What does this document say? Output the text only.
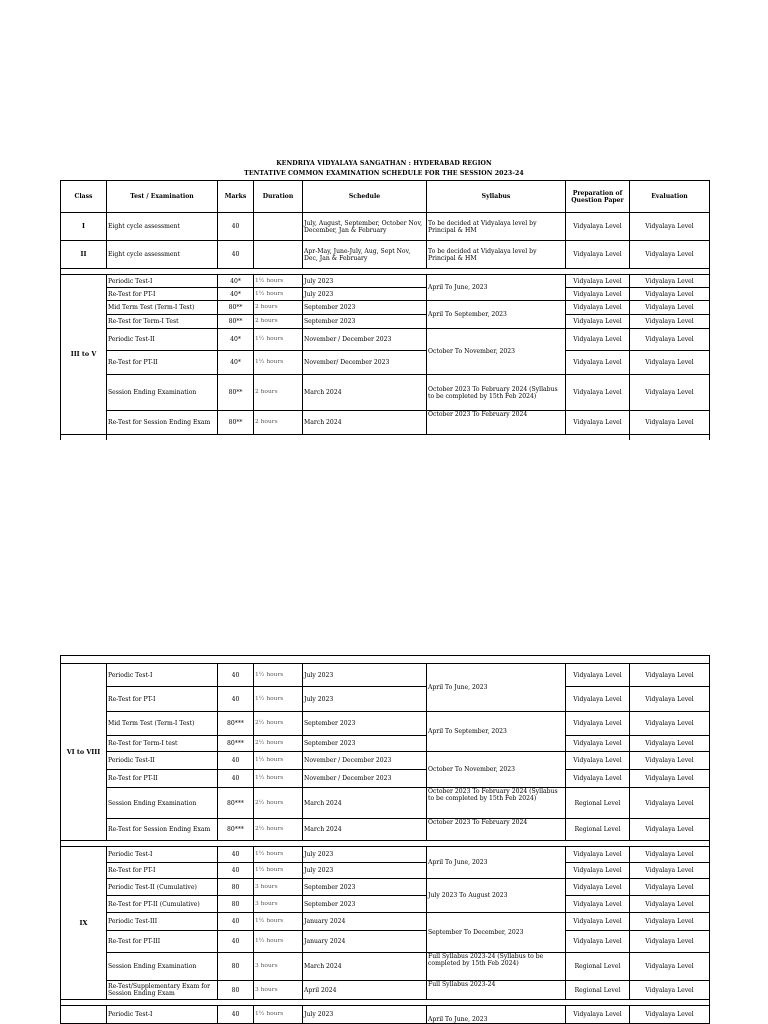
KENDRIYA VIDYALAYA SANGATHAN : HYDERABAD REGION
TENTATIVE COMMON EXAMINATION SCHEDULE FOR THE SESSION 2023-24
Class	Test / Examination	Marks	Duration	Schedule	Syllabus	Preparation of Question Paper	Evaluation
I	Eight cycle assessment	40		July, August, September, October Nov, December, Jan & February	To be decided at Vidyalaya level by Principal & HM	Vidyalaya Level	Vidyalaya Level
II	Eight cycle assessment	40		Apr-May, June-July, Aug, Sept Nov, Dec, Jan & February	To be decided at Vidyalaya level by Principal & HM	Vidyalaya Level	Vidyalaya Level

III to V	Periodic Test-I	40*	1½ hours	July 2023	April To June, 2023	Vidyalaya Level	Vidyalaya Level
	Re-Test for PT-I	40*	1½ hours	July 2023		Vidyalaya Level	Vidyalaya Level
	Mid Term Test (Term-I Test)	80**	2 hours	September 2023	April To September, 2023	Vidyalaya Level	Vidyalaya Level
	Re-Test for Term-I Test	80**	2 hours	September 2023		Vidyalaya Level	Vidyalaya Level
	Periodic Test-II	40*	1½ hours	November / December 2023	October To November, 2023	Vidyalaya Level	Vidyalaya Level
	Re-Test for PT-II	40*	1½ hours	November/ December 2023		Vidyalaya Level	Vidyalaya Level
	Session Ending Examination	80**	2 hours	March 2024	October 2023 To February 2024 (Syllabus to be completed by 15th Feb 2024)	Vidyalaya Level	Vidyalaya Level
	Re-Test for Session Ending Exam	80**	2 hours	March 2024	October 2023 To February 2024	Vidyalaya Level	Vidyalaya Level

VI to VIII	Periodic Test-I	40	1½ hours	July 2023	April To June, 2023	Vidyalaya Level	Vidyalaya Level
	Re-Test for PT-I	40	1½ hours	July 2023		Vidyalaya Level	Vidyalaya Level
	Mid Term Test (Term-I Test)	80***	2½ hours	September 2023	April To September, 2023	Vidyalaya Level	Vidyalaya Level
	Re-Test for Term-I test	80***	2½ hours	September 2023		Vidyalaya Level	Vidyalaya Level
	Periodic Test-II	40	1½ hours	November / December 2023	October To November, 2023	Vidyalaya Level	Vidyalaya Level
	Re-Test for PT-II	40	1½ hours	November / December 2023		Vidyalaya Level	Vidyalaya Level
	Session Ending Examination	80***	2½ hours	March 2024	October 2023 To February 2024 (Syllabus to be completed by 15th Feb 2024)	Regional Level	Vidyalaya Level
	Re-Test for Session Ending Exam	80***	2½ hours	March 2024	October 2023 To February 2024	Regional Level	Vidyalaya Level

IX	Periodic Test-I	40	1½ hours	July 2023	April To June, 2023	Vidyalaya Level	Vidyalaya Level
	Re-Test for PT-I	40	1½ hours	July 2023		Vidyalaya Level	Vidyalaya Level
	Periodic Test-II (Cumulative)	80	3 hours	September 2023	July 2023 To August 2023	Vidyalaya Level	Vidyalaya Level
	Re-Test for PT-II (Cumulative)	80	3 hours	September 2023		Vidyalaya Level	Vidyalaya Level
	Periodic Test-III	40	1½ hours	January 2024	September To December, 2023	Vidyalaya Level	Vidyalaya Level
	Re-Test for PT-III	40	1½ hours	January 2024		Vidyalaya Level	Vidyalaya Level
	Session Ending Examination	80	3 hours	March 2024	Full Syllabus 2023-24 (Syllabus to be completed by 15th Feb 2024)	Regional Level	Vidyalaya Level
	Re-Test/Supplementary Exam for Session Ending Exam	80	3 hours	April 2024	Full Syllabus 2023-24	Regional Level	Vidyalaya Level

	Periodic Test-I	40	1½ hours	July 2023	April To June, 2023	Vidyalaya Level	Vidyalaya Level
